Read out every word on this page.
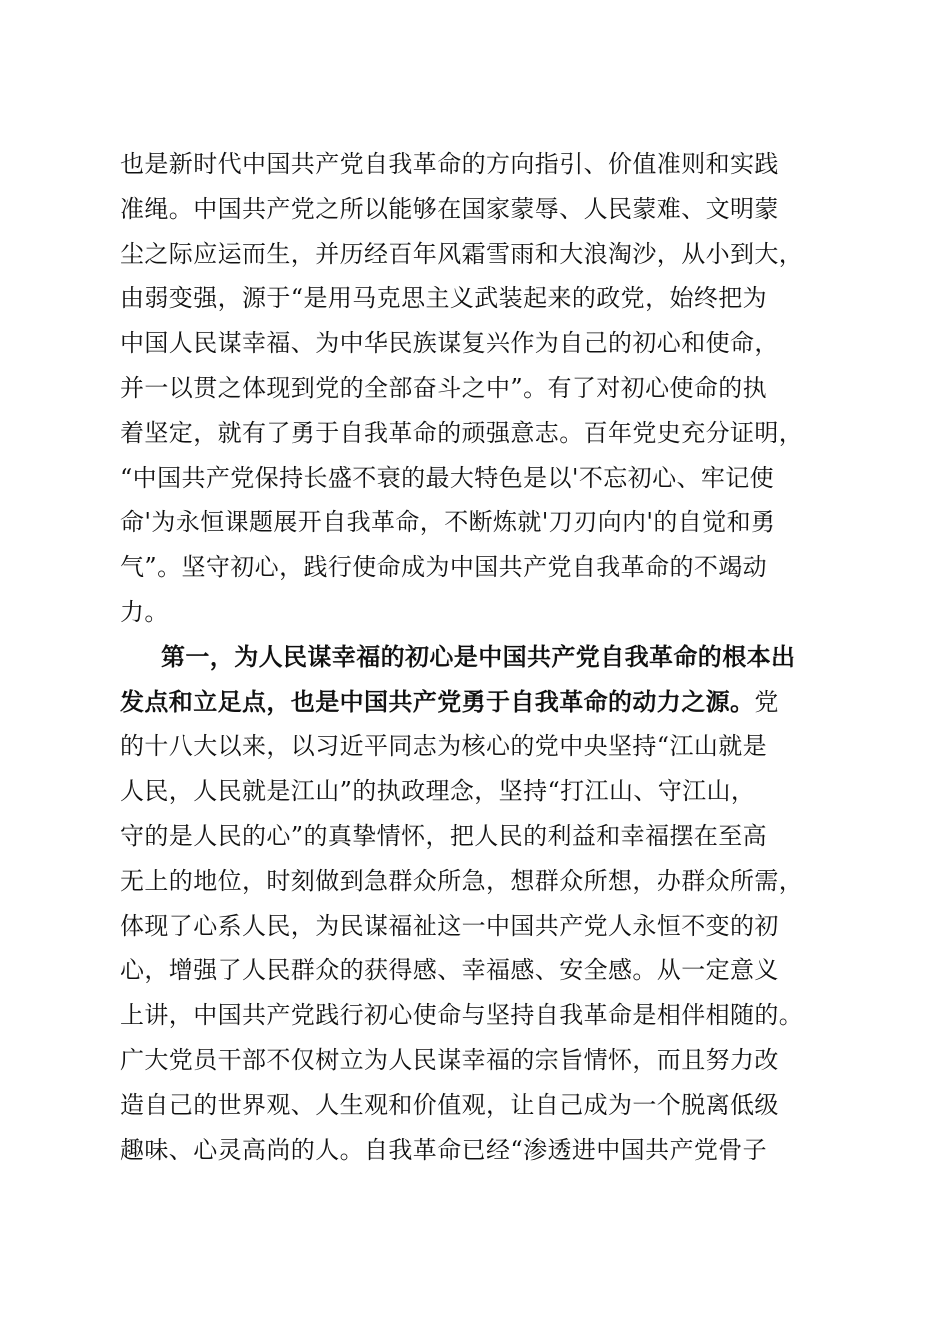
也是新时代中国共产党自我革命的方向指引、价值准则和实践
准绳。中国共产党之所以能够在国家蒙辱、人民蒙难、文明蒙
尘之际应运而生，并历经百年风霜雪雨和大浪淘沙，从小到大，
由弱变强，源于“是用马克思主义武装起来的政党，始终把为
中国人民谋幸福、为中华民族谋复兴作为自己的初心和使命，
并一以贯之体现到党的全部奋斗之中”。有了对初心使命的执
着坚定，就有了勇于自我革命的顽强意志。百年党史充分证明，
“中国共产党保持长盛不衰的最大特色是以'不忘初心、牢记使
命'为永恒课题展开自我革命，不断炼就'刀刃向内'的自觉和勇
气”。坚守初心，践行使命成为中国共产党自我革命的不竭动
力。
第一，为人民谋幸福的初心是中国共产党自我革命的根本出
发点和立足点，也是中国共产党勇于自我革命的动力之源。党
的十八大以来，以习近平同志为核心的党中央坚持“江山就是
人民，人民就是江山”的执政理念，坚持“打江山、守江山，
守的是人民的心”的真挚情怀，把人民的利益和幸福摆在至高
无上的地位，时刻做到急群众所急，想群众所想，办群众所需，
体现了心系人民，为民谋福祉这一中国共产党人永恒不变的初
心，增强了人民群众的获得感、幸福感、安全感。从一定意义
上讲，中国共产党践行初心使命与坚持自我革命是相伴相随的。
广大党员干部不仅树立为人民谋幸福的宗旨情怀，而且努力改
造自己的世界观、人生观和价值观，让自己成为一个脱离低级
趣味、心灵高尚的人。自我革命已经“渗透进中国共产党骨子
